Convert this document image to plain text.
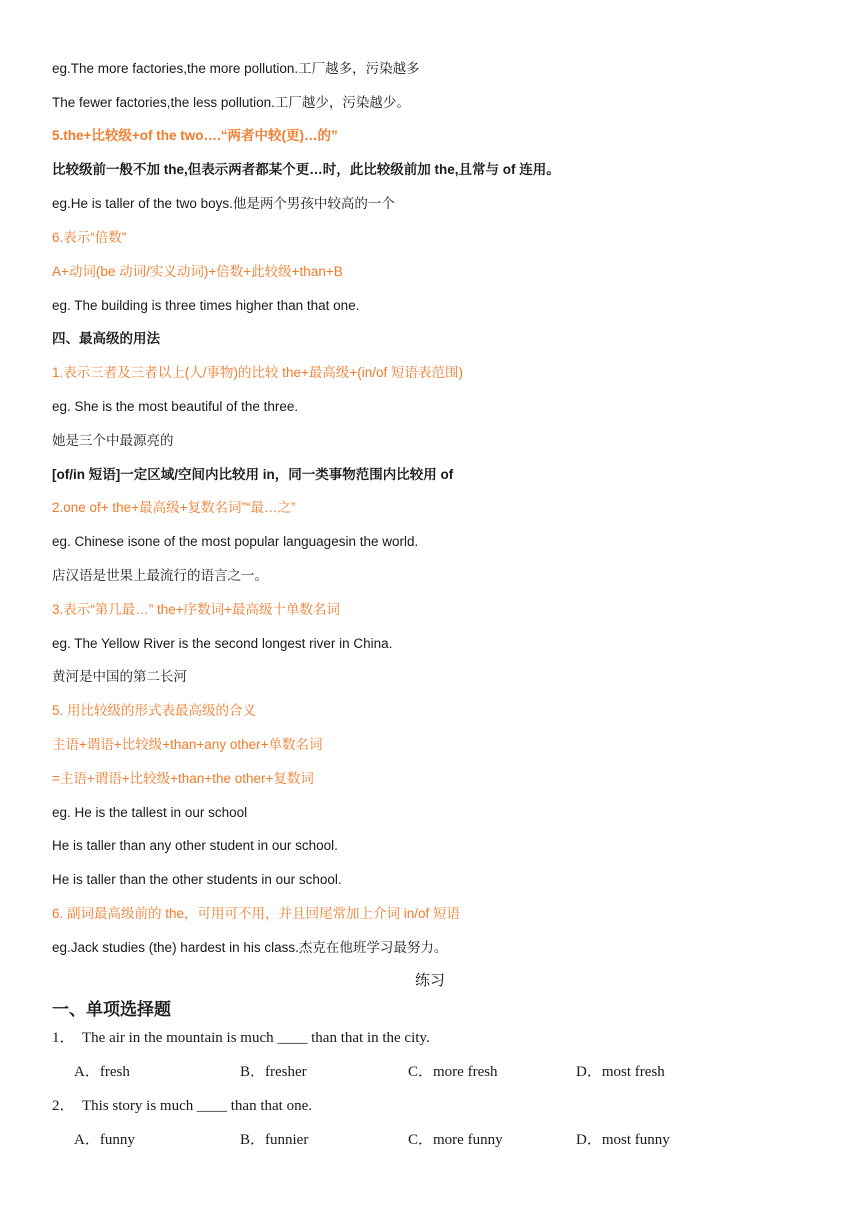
eg.The more factories,the more pollution.工厂越多，污染越多
The fewer factories,the less pollution.工厂越少，污染越少。
5.the+比较级+of the two….“两者中较(更)…的”
比较级前一般不加 the,但表示两者都某个更…时，此比较级前加 the,且常与 of 连用。
eg.He is taller of the two boys.他是两个男孩中较高的一个
6.表示“倍数”
A+动词(be 动词/实义动词)+倍数+此较级+than+B
eg. The building is three times higher than that one.
四、最高级的用法
1.表示三者及三者以上(人/事物)的比较 the+最高级+(in/of 短语表范围)
eg. She is the most beautiful of the three.
她是三个中最源亮的
[of/in 短语]一定区域/空间内比较用 in，同一类事物范围内比较用 of
2.one of+ the+最高级+复数名词”“最…之”
eg. Chinese isone of the most popular languagesin the world.
店汉语是世果上最流行的语言之一。
3.表示“第几最…” the+序数词+最高级十单数名词
eg. The Yellow River is the second longest river in China.
黄河是中国的第二长河
5. 用比较级的形式表最高级的合义
主语+谓语+比较级+than+any other+单数名词
=主语+谓语+比较级+than+the other+复数词
eg. He is the tallest in our school
He is taller than any other student in our school.
He is taller than the other students in our school.
6. 副词最高级前的 the，可用可不用，并且回尾常加上介词 in/of 短语
eg.Jack studies (the) hardest in his class.杰克在他班学习最努力。
练习
一、单项选择题
1． The air in the mountain is much ____ than that in the city.
A．fresh	B．fresher	C．more fresh	D．most fresh
2． This story is much ____ than that one.
A．funny	B．funnier	C．more funny	D．most funny
